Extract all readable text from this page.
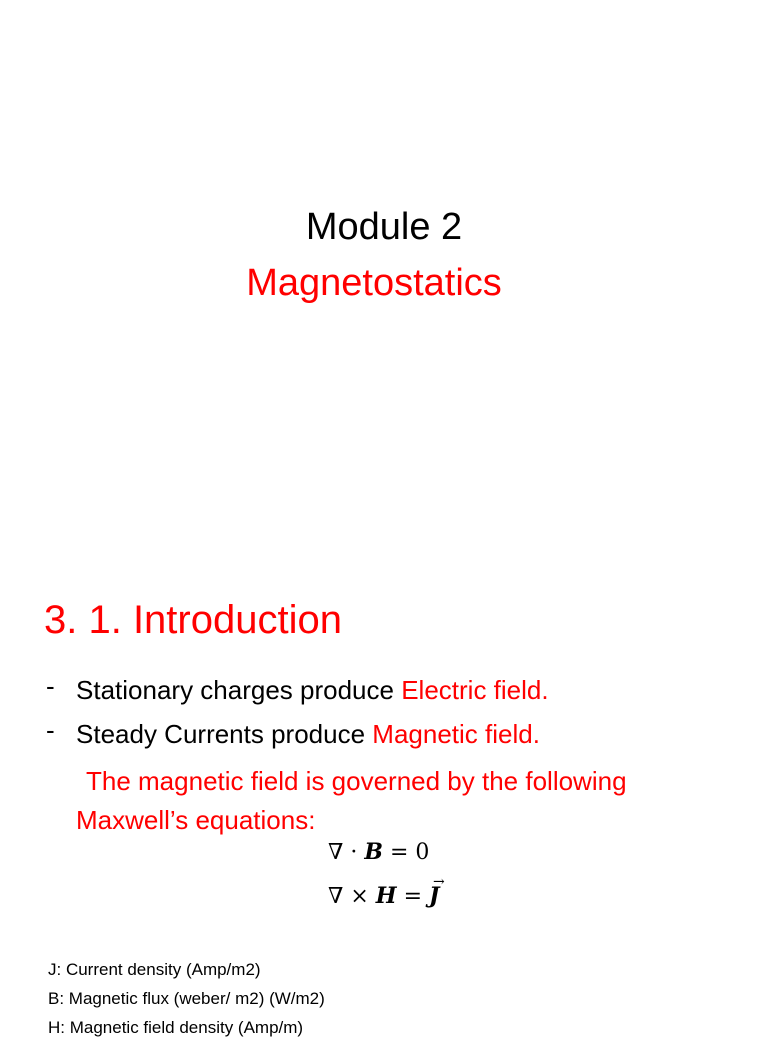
Module 2
Magnetostatics
3. 1. Introduction
- Stationary charges produce Electric field.
- Steady Currents produce Magnetic field.

The magnetic field is governed by the following
Maxwell’s equations:

∇ · B = 0
∇ × H =
→
J
J: Current density (Amp/m2)
B: Magnetic flux (weber/ m2) (W/m2)
H: Magnetic field density (Amp/m)
